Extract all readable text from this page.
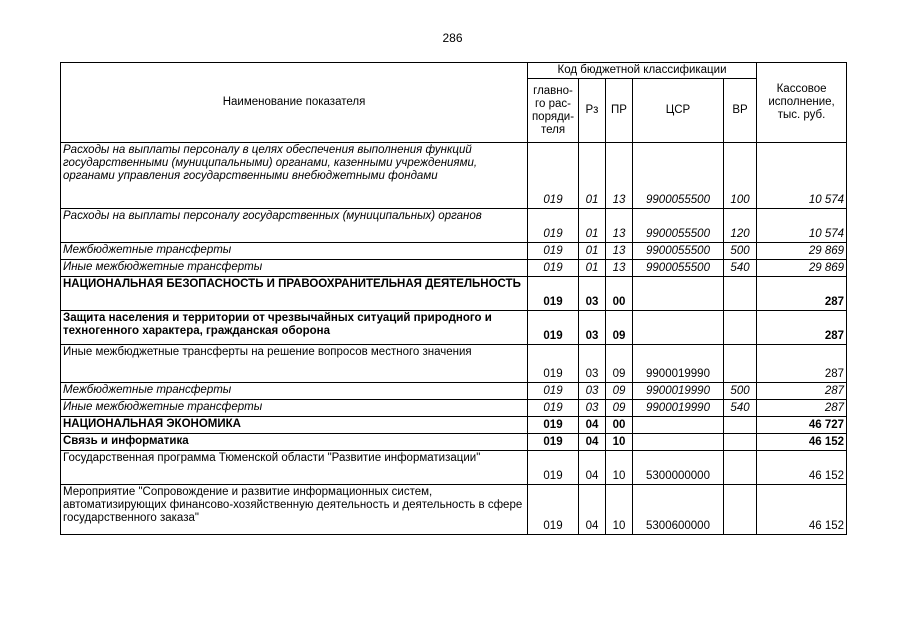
286
Наименование показателя	Код бюджетной классификации					Кассовое исполнение, тыс. руб.
	главно-го рас-поряди-теля	Рз	ПР	ЦСР	ВР	
Расходы на выплаты персоналу в целях обеспечения выполнения функций государственными (муниципальными) органами, казенными учреждениями, органами управления государственными внебюджетными фондами	019	01	13	9900055500	100	10 574
Расходы на выплаты персоналу государственных (муниципальных) органов	019	01	13	9900055500	120	10 574
Межбюджетные трансферты	019	01	13	9900055500	500	29 869
Иные межбюджетные трансферты	019	01	13	9900055500	540	29 869
НАЦИОНАЛЬНАЯ БЕЗОПАСНОСТЬ И ПРАВООХРАНИТЕЛЬНАЯ ДЕЯТЕЛЬНОСТЬ	019	03	00			287
Защита населения и территории от чрезвычайных ситуаций природного и техногенного характера, гражданская оборона	019	03	09			287
Иные межбюджетные трансферты на решение вопросов местного значения	019	03	09	9900019990		287
Межбюджетные трансферты	019	03	09	9900019990	500	287
Иные межбюджетные трансферты	019	03	09	9900019990	540	287
НАЦИОНАЛЬНАЯ ЭКОНОМИКА	019	04	00			46 727
Связь и информатика	019	04	10			46 152
Государственная программа Тюменской области "Развитие информатизации"	019	04	10	5300000000		46 152
Мероприятие "Сопровождение и развитие информационных систем, автоматизирующих финансово-хозяйственную деятельность и деятельность в сфере государственного заказа"	019	04	10	5300600000		46 152
